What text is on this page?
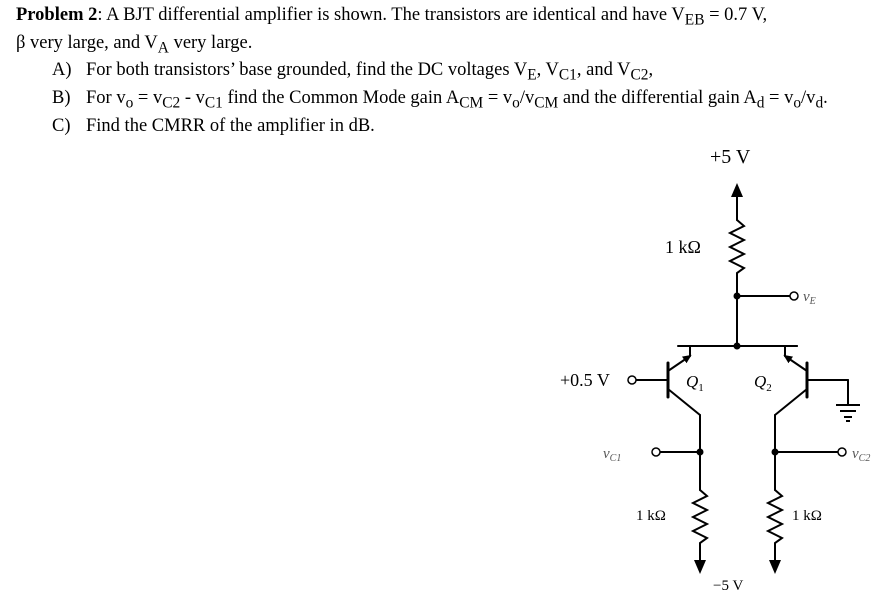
Problem 2: A BJT differential amplifier is shown. The transistors are identical and have $V_{EB} = 0.7$ V,

β very large, and $V_A$ very large.

A) For both transistors’ base grounded, find the DC voltages $V_E$, $V_{C1}$, and $V_{C2}$,

B) For $v_o = v_{C2} - v_{C1}$ find the Common Mode gain $A_{CM} = v_o/v_{CM}$ and the differential gain $A_d = v_o/v_d$.

C) Find the CMRR of the amplifier in dB.

+5 V
1 kΩ
$v_E$
+0.5 V	$Q_1$	$Q_2$
$v_{C1}$	$v_{C2}$
1 kΩ	1 kΩ
−5 V
